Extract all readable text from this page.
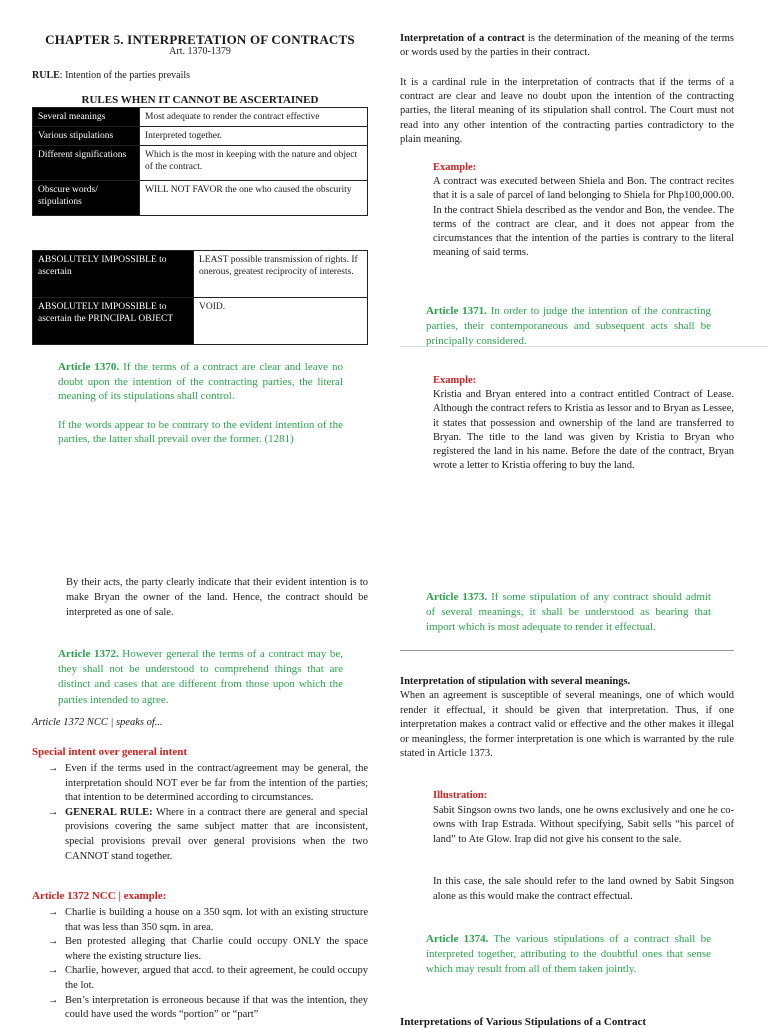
CHAPTER 5. INTERPRETATION OF CONTRACTS
Art. 1370-1379
RULE: Intention of the parties prevails
RULES WHEN IT CANNOT BE ASCERTAINED
Several meanings	Most adequate to render the contract effective
Various stipulations	Interpreted together.
Different significations	Which is the most in keeping with the nature and object of the contract.
Obscure words/ stipulations	WILL NOT FAVOR the one who caused the obscurity
ABSOLUTELY IMPOSSIBLE to ascertain	LEAST possible transmission of rights. If onerous, greatest reciprocity of interests.
ABSOLUTELY IMPOSSIBLE to ascertain the PRINCIPAL OBJECT	VOID.

Article 1370. If the terms of a contract are clear and leave no doubt upon the intention of the contracting parties, the literal meaning of its stipulations shall control.

If the words appear to be contrary to the evident intention of the parties, the latter shall prevail over the former. (1281)

By their acts, the party clearly indicate that their evident intention is to make Bryan the owner of the land. Hence, the contract should be interpreted as one of sale.
Article 1372. However general the terms of a contract may be, they shall not be understood to comprehend things that are distinct and cases that are different from those upon which the parties intended to agree.
Article 1372 NCC | speaks of...
Special intent over general intent
→ Even if the terms used in the contract/agreement may be general, the interpretation should NOT ever be far from the intention of the parties; that intention to be determined according to circumstances.
→ GENERAL RULE: Where in a contract there are general and special provisions covering the same subject matter that are inconsistent, special provisions prevail over general provisions when the two CANNOT stand together.
Article 1372 NCC | example:
→ Charlie is building a house on a 350 sqm. lot with an existing structure that was less than 350 sqm. in area.
→ Ben protested alleging that Charlie could occupy ONLY the space where the existing structure lies.
→ Charlie, however, argued that accd. to their agreement, he could occupy the lot.
→ Ben’s interpretation is erroneous because if that was the intention, they could have used the words “portion” or “part”
Interpretation of a contract is the determination of the meaning of the terms or words used by the parties in their contract.
It is a cardinal rule in the interpretation of contracts that if the terms of a contract are clear and leave no doubt upon the intention of the contracting parties, the literal meaning of its stipulation shall control. The Court must not read into any other intention of the contracting parties contradictory to the plain meaning.

Example:

A contract was executed between Shiela and Bon. The contract recites that it is a sale of parcel of land belonging to Shiela for Php100,000.00. In the contract Shiela described as the vendor and Bon, the vendee. The terms of the contract are clear, and it does not appear from the circumstances that the intention of the parties is contrary to the literal meaning of said terms.

Article 1371. In order to judge the intention of the contracting parties, their contemporaneous and subsequent acts shall be principally considered.

Example:

Kristia and Bryan entered into a contract entitled Contract of Lease. Although the contract refers to Kristia as lessor and to Bryan as Lessee, it states that possession and ownership of the land are transferred to Bryan. The title to the land was given by Kristia to Bryan who registered the land in his name. Before the date of the contract, Bryan wrote a letter to Kristia offering to buy the land.

Article 1373. If some stipulation of any contract should admit of several meanings, it shall be understood as bearing that import which is most adequate to render it effectual.
Interpretation of stipulation with several meanings.
When an agreement is susceptible of several meanings, one of which would render it effectual, it should be given that interpretation. Thus, if one interpretation makes a contract valid or effective and the other makes it illegal or meaningless, the former interpretation is one which is warranted by the rule stated in Article 1373.

Illustration:

Sabit Singson owns two lands, one he owns exclusively and one he co-owns with Irap Estrada. Without specifying, Sabit sells “his parcel of land” to Ate Glow. Irap did not give his consent to the sale.

In this case, the sale should refer to the land owned by Sabit Singson alone as this would make the contract effectual.
Article 1374. The various stipulations of a contract shall be interpreted together, attributing to the doubtful ones that sense which may result from all of them taken jointly.
Interpretations of Various Stipulations of a Contract
